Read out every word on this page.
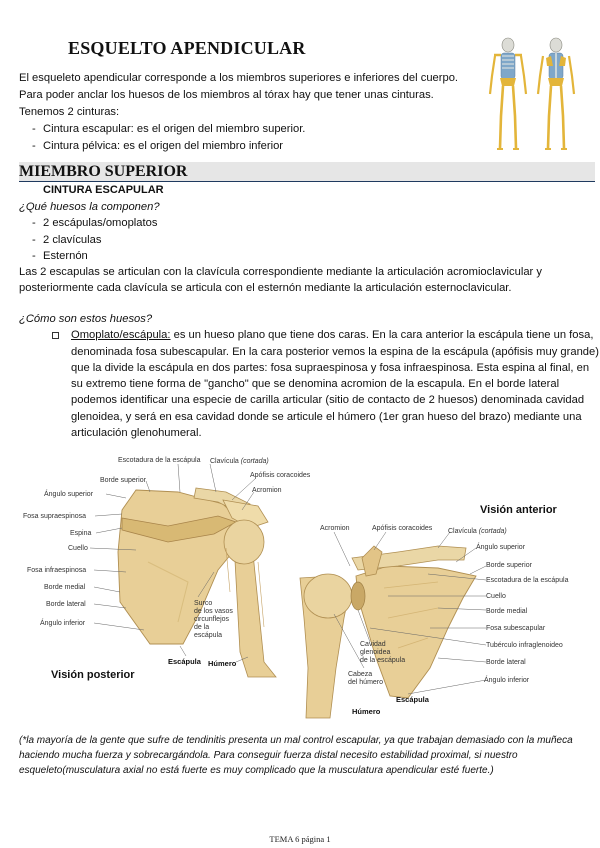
ESQUELTO APENDICULAR

El esqueleto apendicular corresponde a los miembros superiores e inferiores del cuerpo.

Para poder anclar los huesos de los miembros al tórax hay que tener unas cinturas.

Tenemos 2 cinturas:

- Cintura escapular: es el origen del miembro superior.
- Cintura pélvica: es el origen del miembro inferior
MIEMBRO SUPERIOR
CINTURA ESCAPULAR

¿Qué huesos la componen?

- 2 escápulas/omoplatos
- 2 clavículas
- Esternón

Las 2 escapulas se articulan con la clavícula correspondiente mediante la articulación acromioclavicular y

posteriormente cada clavícula se articula con el esternón mediante la articulación esternoclavicular.

¿Cómo son estos huesos?

Omoplato/escápula: es un hueso plano que tiene dos caras. En la cara anterior la escápula tiene un fosa,

denominada fosa subescapular. En la cara posterior vemos la espina de la escápula (apófisis muy grande)

que la divide la escápula en dos partes: fosa supraespinosa y fosa infraespinosa. Esta espina al final, en

su extremo tiene forma de "gancho" que se denomina acromion de la escapula. En el borde lateral

podemos identificar una especie de carilla articular (sitio de contacto de 2 huesos) denominada cavidad

glenoidea, y será en esa cavidad donde se articule el húmero (1er gran hueso del brazo) mediante una

articulación glenohumeral.

Escotadura de la escápula Clavícula (cortada)
Apófisis coracoides
Acromion
Borde superior
Ángulo superior
Fosa supraespinosa
Espina
Cuello
Fosa infraespinosa
Borde medial
Borde lateral
Ángulo inferior
Surco
de los vasos
circunflejos
de la
escápula
Escápula Húmero
Visión posterior
Acromion	Apófisis coracoides Clavícula (cortada)
Ángulo superior
Borde superior
Escotadura de la escápula
Cuello
Borde medial
Fosa subescapular
Tubérculo infraglenoideo
Borde lateral
Ángulo inferior
Cavidad
glenoidea
de la escápula
Cabeza
del húmero
Escápula
Húmero
Visión anterior

(*la mayoría de la gente que sufre de tendinitis presenta un mal control escapular, ya que trabajan demasiado con la muñeca

haciendo mucha fuerza y sobrecargándola. Para conseguir fuerza distal necesito estabilidad proximal, si nuestro

esqueleto(musculatura axial no está fuerte es muy complicado que la musculatura apendicular esté fuerte.)

TEMA 6 página 1
